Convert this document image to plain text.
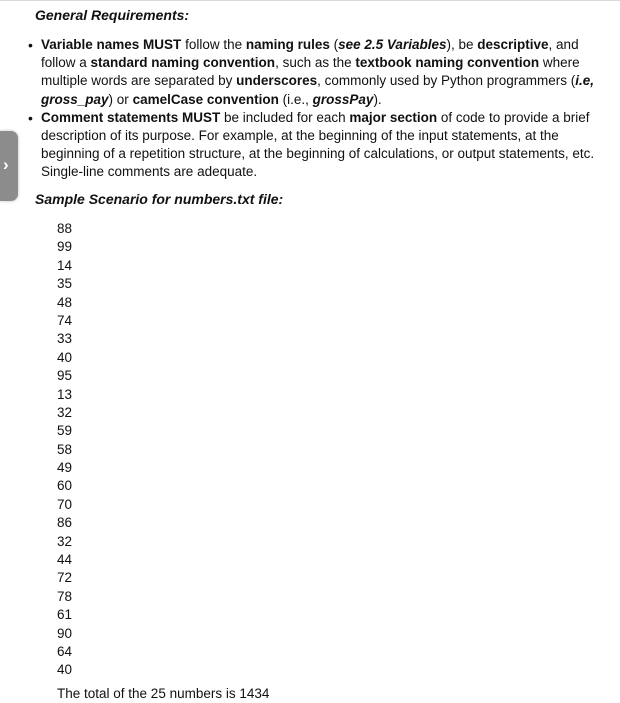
›
General Requirements:
• Variable names MUST follow the naming rules (see 2.5 Variables), be descriptive, and follow a standard naming convention, such as the textbook naming convention where multiple words are separated by underscores, commonly used by Python programmers (i.e, gross_pay) or camelCase convention (i.e., grossPay).
• Comment statements MUST be included for each major section of code to provide a brief description of its purpose. For example, at the beginning of the input statements, at the beginning of a repetition structure, at the beginning of calculations, or output statements, etc. Single-line comments are adequate.
Sample Scenario for numbers.txt file:
88
99
14
35
48
74
33
40
95
13
32
59
58
49
60
70
86
32
44
72
78
61
90
64
40
The total of the 25 numbers is 1434
